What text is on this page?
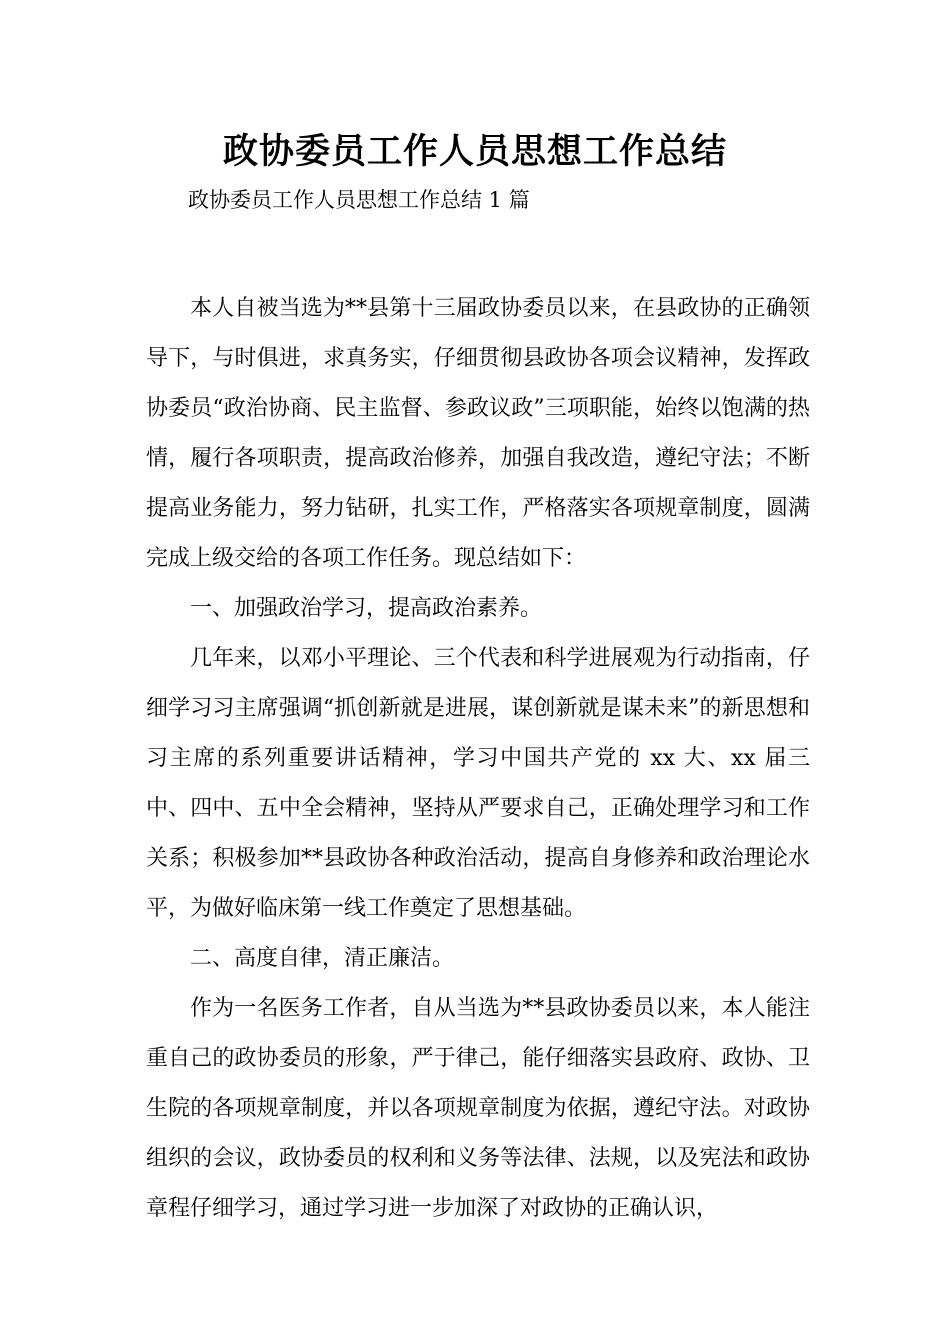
政协委员工作人员思想工作总结
政协委员工作人员思想工作总结 1 篇

本人自被当选为**县第十三届政协委员以来，在县政协的正确领导下，与时俱进，求真务实，仔细贯彻县政协各项会议精神，发挥政协委员“政治协商、民主监督、参政议政”三项职能，始终以饱满的热情，履行各项职责，提高政治修养，加强自我改造，遵纪守法；不断提高业务能力，努力钻研，扎实工作，严格落实各项规章制度，圆满完成上级交给的各项工作任务。现总结如下：

一、加强政治学习，提高政治素养。

几年来，以邓小平理论、三个代表和科学进展观为行动指南，仔细学习习主席强调“抓创新就是进展，谋创新就是谋未来”的新思想和习主席的系列重要讲话精神，学习中国共产党的 xx 大、xx 届三中、四中、五中全会精神，坚持从严要求自己，正确处理学习和工作关系；积极参加**县政协各种政治活动，提高自身修养和政治理论水平，为做好临床第一线工作奠定了思想基础。

二、高度自律，清正廉洁。

作为一名医务工作者，自从当选为**县政协委员以来，本人能注重自己的政协委员的形象，严于律己，能仔细落实县政府、政协、卫生院的各项规章制度，并以各项规章制度为依据，遵纪守法。对政协组织的会议，政协委员的权利和义务等法律、法规，以及宪法和政协章程仔细学习，通过学习进一步加深了对政协的正确认识，
